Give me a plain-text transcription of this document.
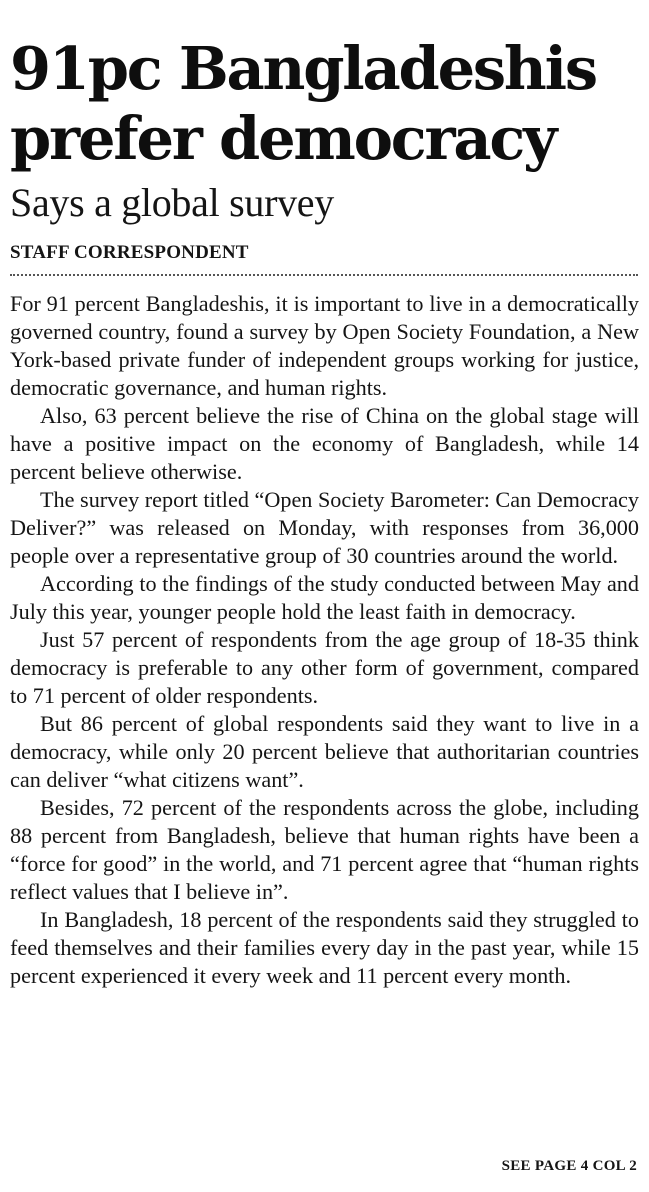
91pc Bangladeshis
prefer democracy
Says a global survey
STAFF CORRESPONDENT

For 91 percent Bangladeshis, it is important to live in a democratically governed country, found a survey by Open Society Foundation, a New York-based private funder of independent groups working for justice, democratic governance, and human rights.

Also, 63 percent believe the rise of China on the global stage will have a positive impact on the economy of Bangladesh, while 14 percent believe otherwise.

The survey report titled “Open Society Barometer: Can Democracy Deliver?” was released on Monday, with responses from 36,000 people over a representative group of 30 countries around the world.

According to the findings of the study conducted between May and July this year, younger people hold the least faith in democracy.

Just 57 percent of respondents from the age group of 18-35 think democracy is preferable to any other form of government, compared to 71 percent of older respondents.

But 86 percent of global respondents said they want to live in a democracy, while only 20 percent believe that authoritarian countries can deliver “what citizens want”.

Besides, 72 percent of the respondents across the globe, including 88 percent from Bangladesh, believe that human rights have been a “force for good” in the world, and 71 percent agree that “human rights reflect values that I believe in”.

In Bangladesh, 18 percent of the respondents said they struggled to feed themselves and their families every day in the past year, while 15 percent experienced it every week and 11 percent every month.

SEE PAGE 4 COL 2
